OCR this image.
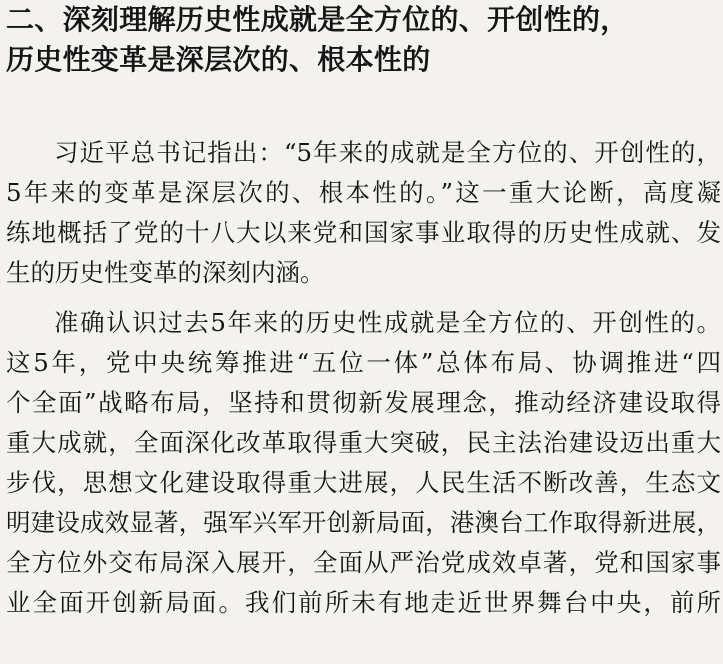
二、深刻理解历史性成就是全方位的、开创性的，
历史性变革是深层次的、根本性的

习近平总书记指出：“5年来的成就是全方位的、开创性的，

5年来的变革是深层次的、根本性的。”这一重大论断，高度凝

练地概括了党的十八大以来党和国家事业取得的历史性成就、发

生的历史性变革的深刻内涵。

准确认识过去5年来的历史性成就是全方位的、开创性的。

这5年，党中央统筹推进“五位一体”总体布局、协调推进“四

个全面”战略布局，坚持和贯彻新发展理念，推动经济建设取得

重大成就，全面深化改革取得重大突破，民主法治建设迈出重大

步伐，思想文化建设取得重大进展，人民生活不断改善，生态文

明建设成效显著，强军兴军开创新局面，港澳台工作取得新进展，

全方位外交布局深入展开，全面从严治党成效卓著，党和国家事

业全面开创新局面。我们前所未有地走近世界舞台中央，前所
